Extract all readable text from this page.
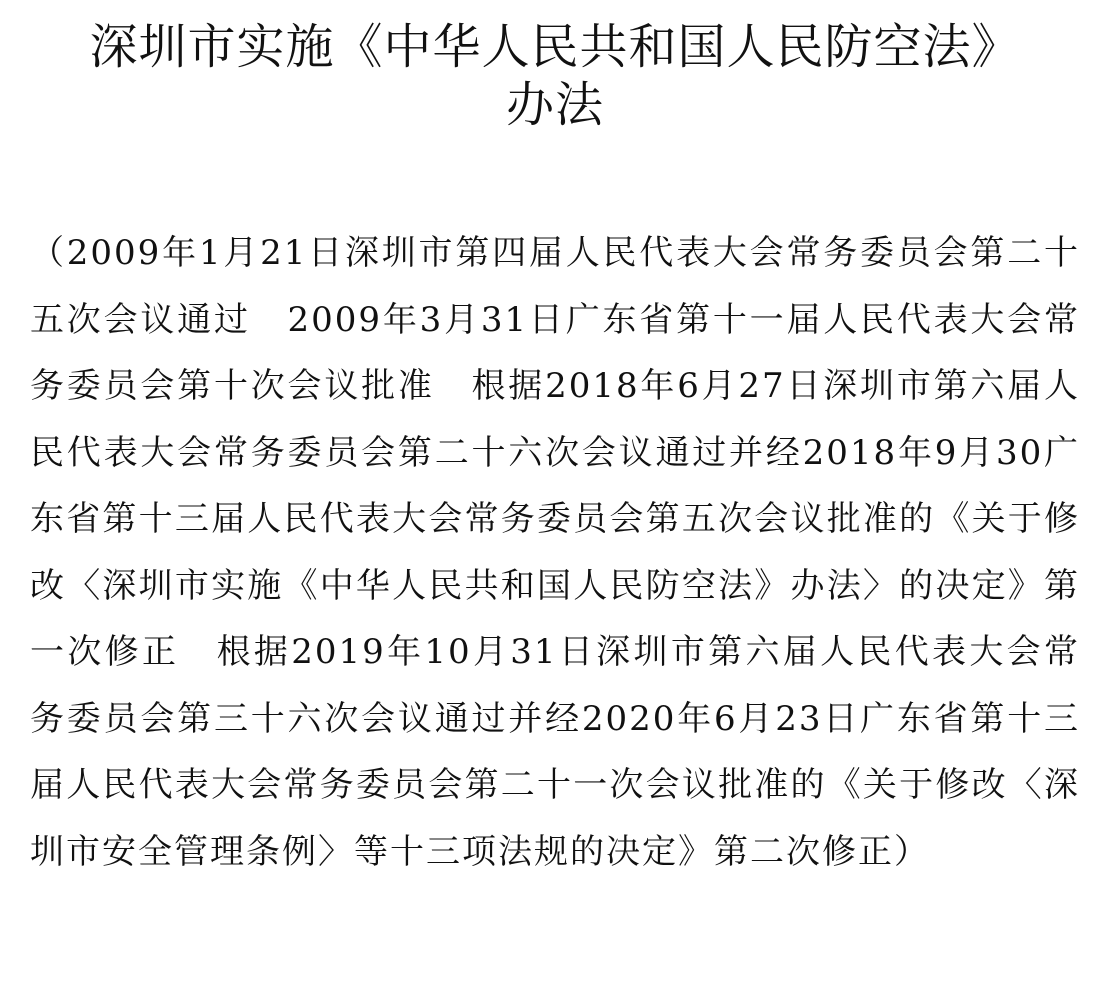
深圳市实施《中华人民共和国人民防空法》
办法

（2009年1月21日深圳市第四届人民代表大会常务委员会第二十五次会议通过　2009年3月31日广东省第十一届人民代表大会常务委员会第十次会议批准　根据2018年6月27日深圳市第六届人民代表大会常务委员会第二十六次会议通过并经2018年9月30广东省第十三届人民代表大会常务委员会第五次会议批准的《关于修改〈深圳市实施《中华人民共和国人民防空法》办法〉的决定》第一次修正　根据2019年10月31日深圳市第六届人民代表大会常务委员会第三十六次会议通过并经2020年6月23日广东省第十三届人民代表大会常务委员会第二十一次会议批准的《关于修改〈深圳市安全管理条例〉等十三项法规的决定》第二次修正）
